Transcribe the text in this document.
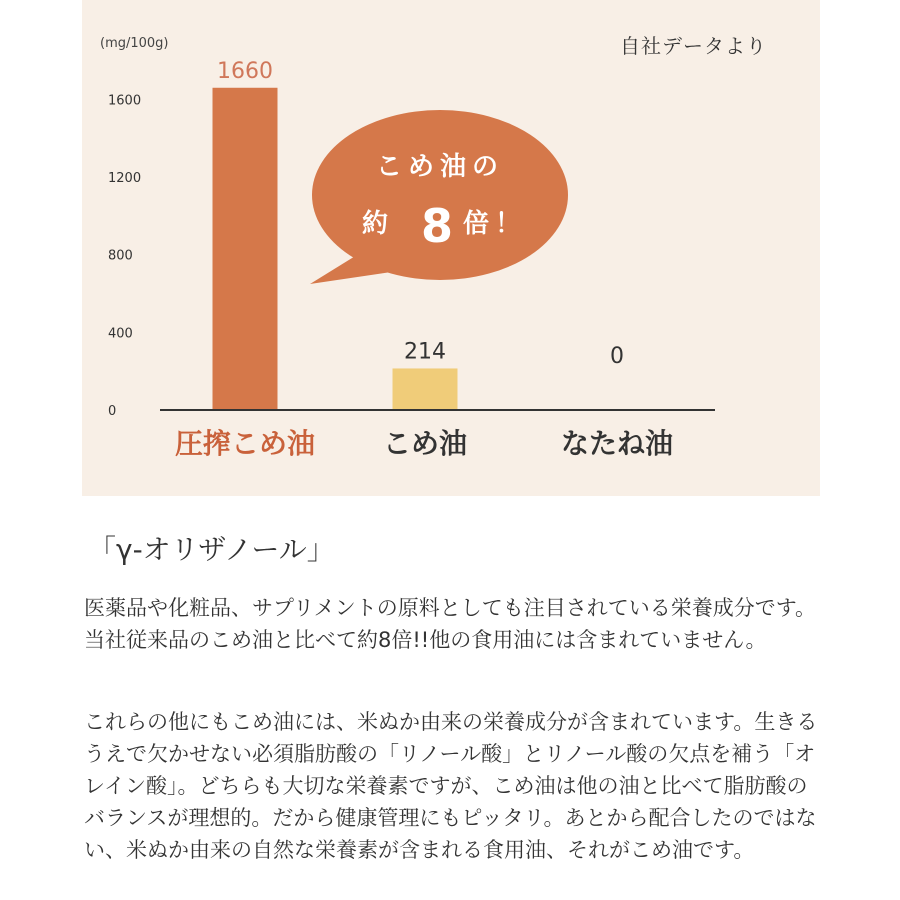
(mg/100g)	自社データより
0
400
800
1200
1600
1660
214	0
圧搾こめ油 こめ油	なたね油
こめ油の
約 8 倍！
「γ-オリザノール」

医薬品や化粧品、サプリメントの原料としても注目されている栄養成分です。当社従来品のこめ油と比べて約8倍!!他の食用油には含まれていません。

これらの他にもこめ油には、米ぬか由来の栄養成分が含まれています。生きるうえで欠かせない必須脂肪酸の「リノール酸」とリノール酸の欠点を補う「オレイン酸」。どちらも大切な栄養素ですが、こめ油は他の油と比べて脂肪酸のバランスが理想的。だから健康管理にもピッタリ。あとから配合したのではない、米ぬか由来の自然な栄養素が含まれる食用油、それがこめ油です。
